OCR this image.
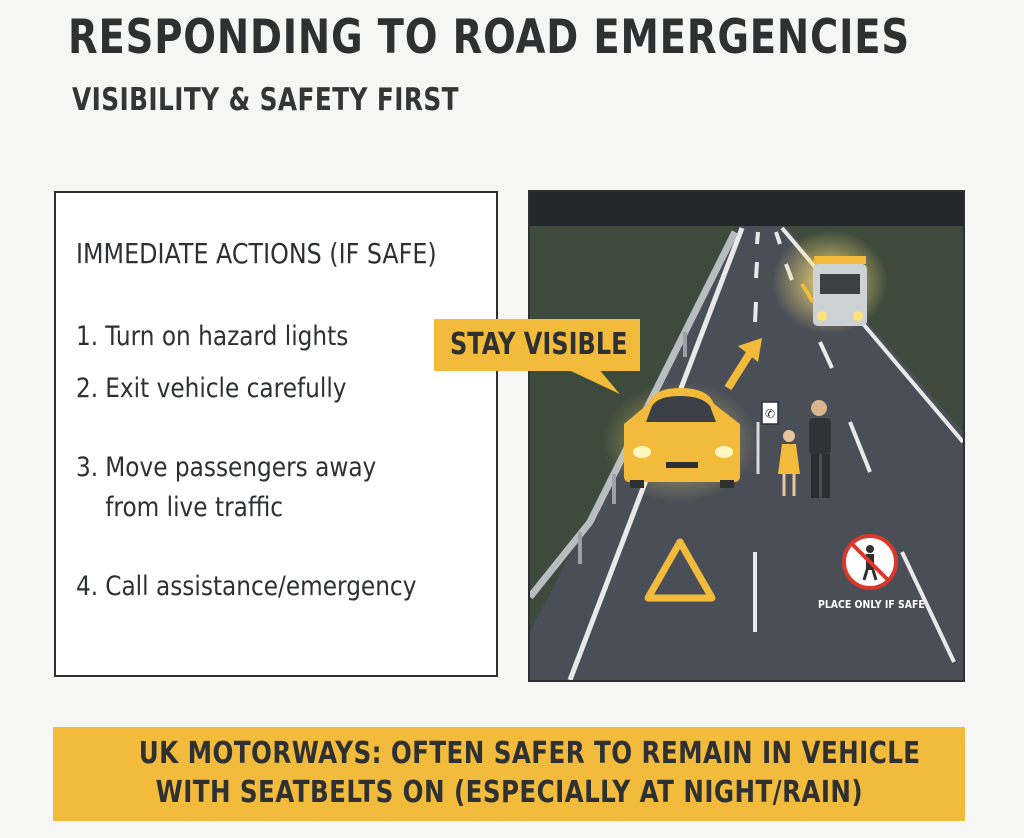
RESPONDING TO ROAD EMERGENCIES
VISIBILITY & SAFETY FIRST
IMMEDIATE ACTIONS (IF SAFE)
1. Turn on hazard lights
2. Exit vehicle carefully
3. Move passengers away
from live traffic
4. Call assistance/emergency
✆
PLACE ONLY IF SAFE
STAY VISIBLE
UK MOTORWAYS: OFTEN SAFER TO REMAIN IN VEHICLE
WITH SEATBELTS ON (ESPECIALLY AT NIGHT/RAIN)
